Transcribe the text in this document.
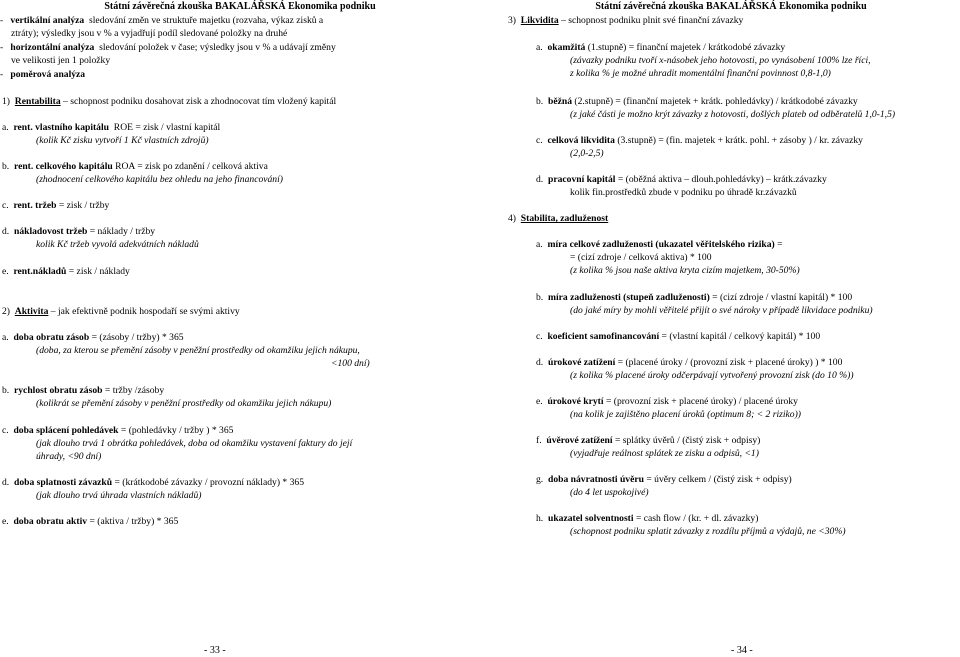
Státní závěrečná zkouška BAKALÁŘSKÁ Ekonomika podniku
- vertikální analýza sledování změn ve struktuře majetku (rozvaha, výkaz zisků a
ztráty); výsledky jsou v % a vyjadřují podíl sledované položky na druhé
- horizontální analýza sledování položek v čase; výsledky jsou v % a udávají změny
ve velikosti jen 1 položky
- poměrová analýza
1) Rentabilita – schopnost podniku dosahovat zisk a zhodnocovat tím vložený kapitál
a. rent. vlastního kapitálu ROE = zisk / vlastní kapitál
(kolik Kč zisku vytvoří 1 Kč vlastních zdrojů)
b. rent. celkového kapitálu ROA = zisk po zdanění / celková aktiva
(zhodnocení celkového kapitálu bez ohledu na jeho financování)
c. rent. tržeb = zisk / tržby
d. nákladovost tržeb = náklady / tržby
kolik Kč tržeb vyvolá adekvátních nákladů
e. rent.nákladů = zisk / náklady
2) Aktivita – jak efektivně podnik hospodaří se svými aktivy
a. doba obratu zásob = (zásoby / tržby) * 365
(doba, za kterou se přemění zásoby v peněžní prostředky od okamžiku jejich nákupu,
<100 dní)
b. rychlost obratu zásob = tržby /zásoby
(kolikrát se přemění zásoby v peněžní prostředky od okamžiku jejich nákupu)
c. doba splácení pohledávek = (pohledávky / tržby ) * 365
(jak dlouho trvá 1 obrátka pohledávek, doba od okamžiku vystavení faktury do její
úhrady, <90 dní)
d. doba splatnosti závazků = (krátkodobé závazky / provozní náklady) * 365
(jak dlouho trvá úhrada vlastních nákladů)
e. doba obratu aktiv = (aktiva / tržby) * 365
- 33 -
Státní závěrečná zkouška BAKALÁŘSKÁ Ekonomika podniku
3) Likvidita – schopnost podniku plnit své finanční závazky
a. okamžitá (1.stupně) = finanční majetek / krátkodobé závazky
(závazky podniku tvoří x-násobek jeho hotovosti, po vynásobení 100% lze říci,
z kolika % je možné uhradit momentální finanční povinnost 0,8-1,0)
b. běžná (2.stupně) = (finanční majetek + krátk. pohledávky) / krátkodobé závazky
(z jaké části je možno krýt závazky z hotovosti, došlých plateb od odběratelů 1,0-1,5)
c. celková likvidita (3.stupně) = (fin. majetek + krátk. pohl. + zásoby ) / kr. závazky
(2,0-2,5)
d. pracovní kapitál = (oběžná aktiva – dlouh.pohledávky) – krátk.závazky
kolik fin.prostředků zbude v podniku po úhradě kr.závazků
4) Stabilita, zadluženost
a. míra celkové zadluženosti (ukazatel věřitelského rizika) =
= (cizí zdroje / celková aktiva) * 100
(z kolika % jsou naše aktiva kryta cizím majetkem, 30-50%)
b. míra zadluženosti (stupeň zadluženosti) = (cizí zdroje / vlastní kapitál) * 100
(do jaké míry by mohli věřitelé přijít o své nároky v případě likvidace podniku)
c. koeficient samofinancování = (vlastní kapitál / celkový kapitál) * 100
d. úrokové zatížení = (placené úroky / (provozní zisk + placené úroky) ) * 100
(z kolika % placené úroky odčerpávají vytvořený provozní zisk (do 10 %))
e. úrokové krytí = (provozní zisk + placené úroky) / placené úroky
(na kolik je zajištěno placení úroků (optimum 8; < 2 riziko))
f. úvěrové zatížení = splátky úvěrů / (čistý zisk + odpisy)
(vyjadřuje reálnost splátek ze zisku a odpisů, <1)
g. doba návratnosti úvěru = úvěry celkem / (čistý zisk + odpisy)
(do 4 let uspokojivé)
h. ukazatel solventnosti = cash flow / (kr. + dl. závazky)
(schopnost podniku splatit závazky z rozdílu příjmů a výdajů, ne <30%)
- 34 -
